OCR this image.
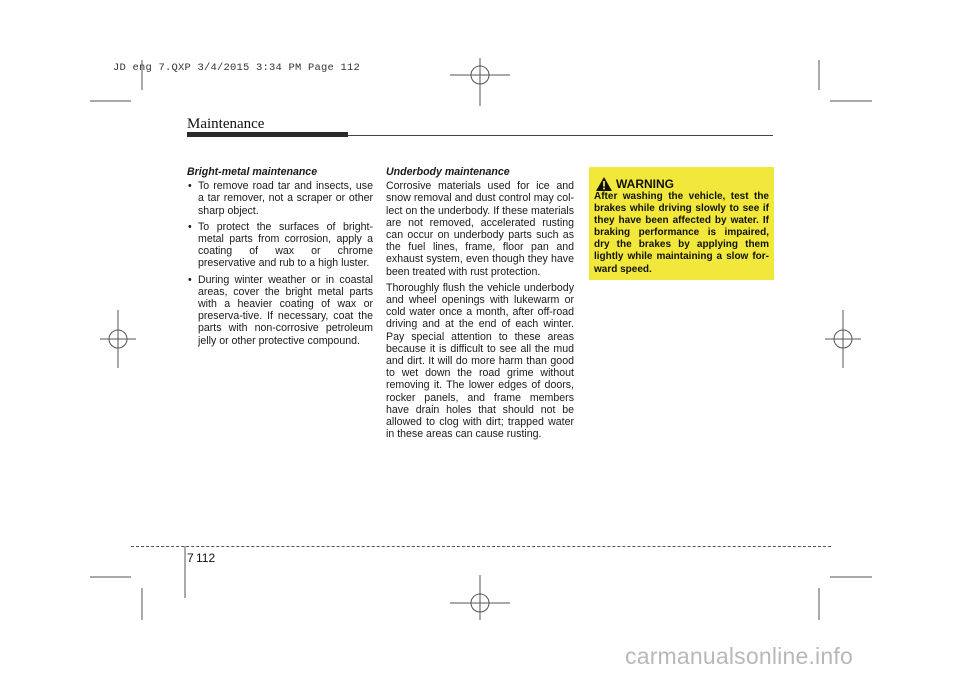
JD eng 7.QXP 3/4/2015 3:34 PM Page 112
Maintenance
Bright-metal maintenance
• To remove road tar and insects, use a tar remover, not a scraper or other sharp object.
• To protect the surfaces of bright-metal parts from corrosion, apply a coating of wax or chrome preservative and rub to a high luster.
• During winter weather or in coastal areas, cover the bright metal parts with a heavier coating of wax or preserva-tive. If necessary, coat the parts with non-corrosive petroleum jelly or other protective compound.
Underbody maintenance

Corrosive materials used for ice and snow removal and dust control may col-lect on the underbody. If these materials are not removed, accelerated rusting can occur on underbody parts such as the fuel lines, frame, floor pan and exhaust system, even though they have been treated with rust protection.

Thoroughly flush the vehicle underbody and wheel openings with lukewarm or cold water once a month, after off-road driving and at the end of each winter. Pay special attention to these areas because it is difficult to see all the mud and dirt. It will do more harm than good to wet down the road grime without removing it. The lower edges of doors, rocker panels, and frame members have drain holes that should not be allowed to clog with dirt; trapped water in these areas can cause rusting.

WARNING
After washing the vehicle, test the brakes while driving slowly to see if they have been affected by water. If braking performance is impaired, dry the brakes by applying them lightly while maintaining a slow for-ward speed.
7 112
carmanualsonline.info
